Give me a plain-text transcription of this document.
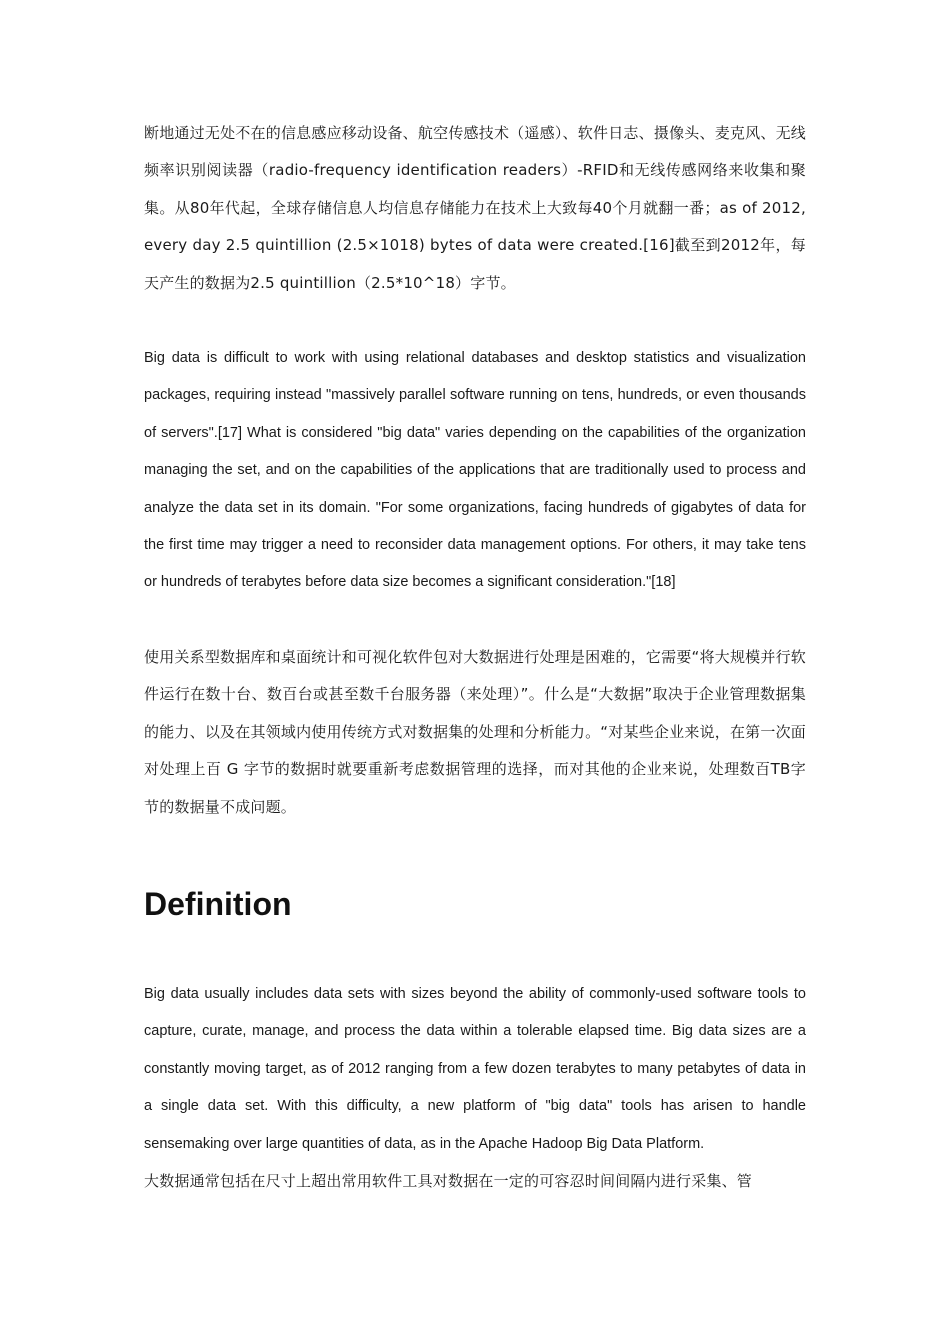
断地通过无处不在的信息感应移动设备、航空传感技术（遥感）、软件日志、摄像头、麦克风、无线频率识别阅读器（radio-frequency identification readers）-RFID和无线传感网络来收集和聚集。从80年代起，全球存储信息人均信息存储能力在技术上大致每40个月就翻一番；as of 2012, every day 2.5 quintillion (2.5×1018) bytes of data were created.[16]截至到2012年，每天产生的数据为2.5 quintillion（2.5*10^18）字节。

Big data is difficult to work with using relational databases and desktop statistics and visualization packages, requiring instead "massively parallel software running on tens, hundreds, or even thousands of servers".[17] What is considered "big data" varies depending on the capabilities of the organization managing the set, and on the capabilities of the applications that are traditionally used to process and analyze the data set in its domain. "For some organizations, facing hundreds of gigabytes of data for the first time may trigger a need to reconsider data management options. For others, it may take tens or hundreds of terabytes before data size becomes a significant consideration."[18]

使用关系型数据库和桌面统计和可视化软件包对大数据进行处理是困难的，它需要“将大规模并行软件运行在数十台、数百台或甚至数千台服务器（来处理）”。什么是“大数据”取决于企业管理数据集的能力、以及在其领域内使用传统方式对数据集的处理和分析能力。“对某些企业来说，在第一次面对处理上百 G 字节的数据时就要重新考虑数据管理的选择，而对其他的企业来说，处理数百TB字节的数据量不成问题。

Definition

Big data usually includes data sets with sizes beyond the ability of commonly-used software tools to capture, curate, manage, and process the data within a tolerable elapsed time. Big data sizes are a constantly moving target, as of 2012 ranging from a few dozen terabytes to many petabytes of data in a single data set. With this difficulty, a new platform of "big data" tools has arisen to handle sensemaking over large quantities of data, as in the Apache Hadoop Big Data Platform.

大数据通常包括在尺寸上超出常用软件工具对数据在一定的可容忍时间间隔内进行采集、管
